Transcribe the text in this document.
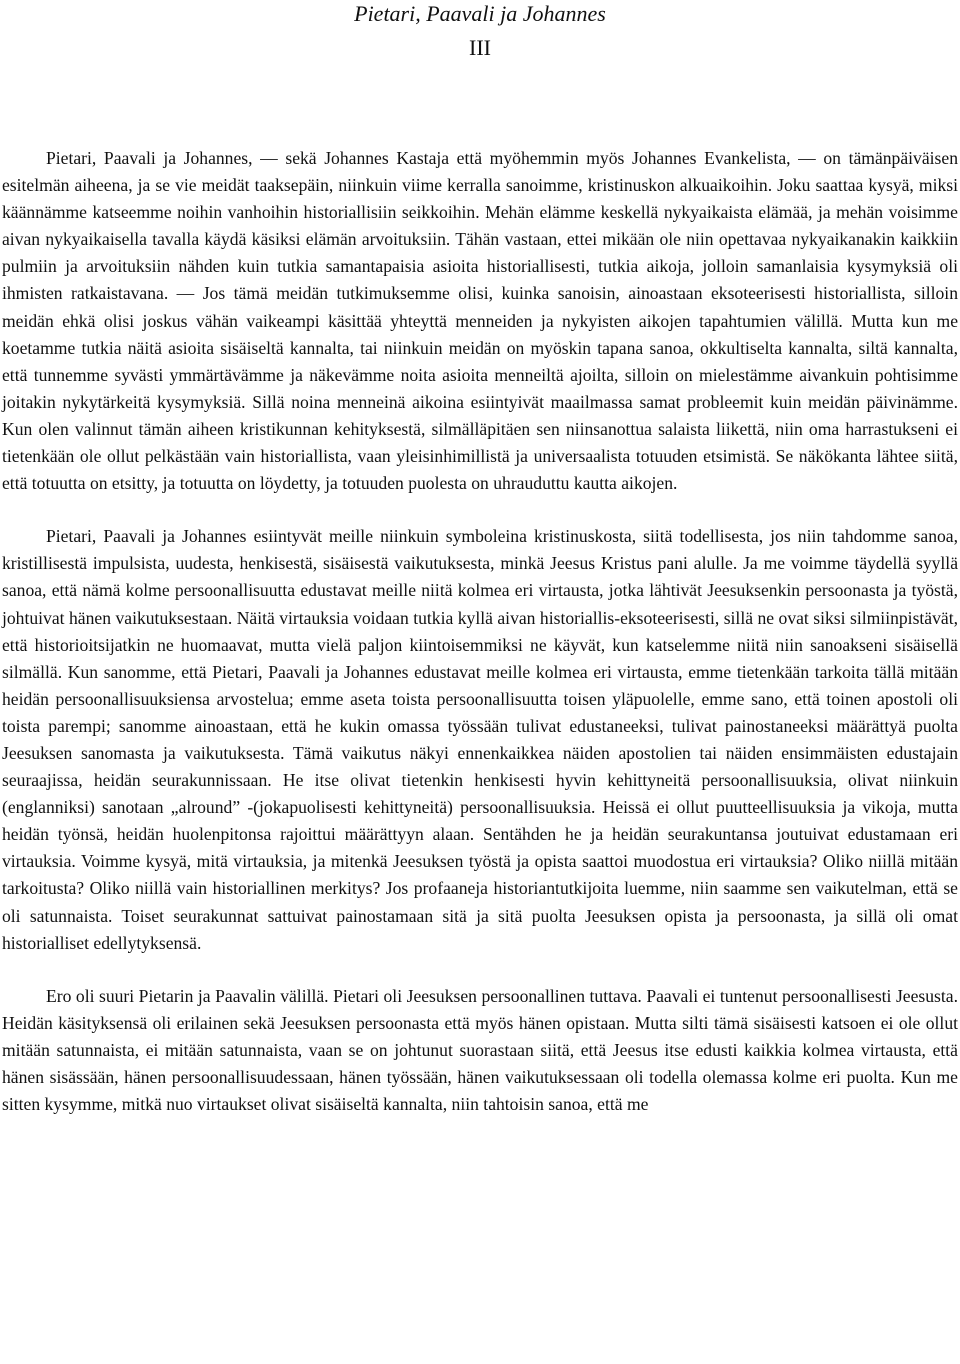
Pietari, Paavali ja Johannes
III

Pietari, Paavali ja Johannes, — sekä Johannes Kastaja että myöhemmin myös Johannes Evankelista, — on tämänpäiväisen esitelmän aiheena, ja se vie meidät taaksepäin, niinkuin viime kerralla sanoimme, kristinuskon alkuaikoihin. Joku saattaa kysyä, miksi käännämme katseemme noihin vanhoihin historiallisiin seikkoihin. Mehän elämme keskellä nykyaikaista elämää, ja mehän voisimme aivan nykyaikaisella tavalla käydä käsiksi elämän arvoituksiin. Tähän vastaan, ettei mikään ole niin opettavaa nykyaikanakin kaikkiin pulmiin ja arvoituksiin nähden kuin tutkia samantapaisia asioita historiallisesti, tutkia aikoja, jolloin samanlaisia kysymyksiä oli ihmisten ratkaistavana. — Jos tämä meidän tutkimuksemme olisi, kuinka sanoisin, ainoastaan eksoteerisesti historiallista, silloin meidän ehkä olisi joskus vähän vaikeampi käsittää yhteyttä menneiden ja nykyisten aikojen tapahtumien välillä. Mutta kun me koetamme tutkia näitä asioita sisäiseltä kannalta, tai niinkuin meidän on myöskin tapana sanoa, okkultiselta kannalta, siltä kannalta, että tunnemme syvästi ymmärtävämme ja näkevämme noita asioita menneiltä ajoilta, silloin on mielestämme aivankuin pohtisimme joitakin nykytärkeitä kysymyksiä. Sillä noina menneinä aikoina esiintyivät maailmassa samat probleemit kuin meidän päivinämme. Kun olen valinnut tämän aiheen kristikunnan kehityksestä, silmälläpitäen sen niinsanottua salaista liikettä, niin oma harrastukseni ei tietenkään ole ollut pelkästään vain historiallista, vaan yleisinhimillistä ja universaalista totuuden etsimistä. Se näkökanta lähtee siitä, että totuutta on etsitty, ja totuutta on löydetty, ja totuuden puolesta on uhrauduttu kautta aikojen.

Pietari, Paavali ja Johannes esiintyvät meille niinkuin symboleina kristinuskosta, siitä todellisesta, jos niin tahdomme sanoa, kristillisestä impulsista, uudesta, henkisestä, sisäisestä vaikutuksesta, minkä Jeesus Kristus pani alulle. Ja me voimme täydellä syyllä sanoa, että nämä kolme persoonallisuutta edustavat meille niitä kolmea eri virtausta, jotka lähtivät Jeesuksenkin persoonasta ja työstä, johtuivat hänen vaikutuksestaan. Näitä virtauksia voidaan tutkia kyllä aivan historiallis-eksoteerisesti, sillä ne ovat siksi silmiinpistävät, että historioitsijatkin ne huomaavat, mutta vielä paljon kiintoisemmiksi ne käyvät, kun katselemme niitä niin sanoakseni sisäisellä silmällä. Kun sanomme, että Pietari, Paavali ja Johannes edustavat meille kolmea eri virtausta, emme tietenkään tarkoita tällä mitään heidän persoonallisuuksiensa arvostelua; emme aseta toista persoonallisuutta toisen yläpuolelle, emme sano, että toinen apostoli oli toista parempi; sanomme ainoastaan, että he kukin omassa työssään tulivat edustaneeksi, tulivat painostaneeksi määrättyä puolta Jeesuksen sanomasta ja vaikutuksesta. Tämä vaikutus näkyi ennenkaikkea näiden apostolien tai näiden ensimmäisten edustajain seuraajissa, heidän seurakunnissaan. He itse olivat tietenkin henkisesti hyvin kehittyneitä persoonallisuuksia, olivat niinkuin (englanniksi) sanotaan „alround” -(jokapuolisesti kehittyneitä) persoonallisuuksia. Heissä ei ollut puutteellisuuksia ja vikoja, mutta heidän työnsä, heidän huolenpitonsa rajoittui määrättyyn alaan. Sentähden he ja heidän seurakuntansa joutuivat edustamaan eri virtauksia. Voimme kysyä, mitä virtauksia, ja mitenkä Jeesuksen työstä ja opista saattoi muodostua eri virtauksia? Oliko niillä mitään tarkoitusta? Oliko niillä vain historiallinen merkitys? Jos profaaneja historiantutkijoita luemme, niin saamme sen vaikutelman, että se oli satunnaista. Toiset seurakunnat sattuivat painostamaan sitä ja sitä puolta Jeesuksen opista ja persoonasta, ja sillä oli omat historialliset edellytyksensä.

Ero oli suuri Pietarin ja Paavalin välillä. Pietari oli Jeesuksen persoonallinen tuttava. Paavali ei tuntenut persoonallisesti Jeesusta. Heidän käsityksensä oli erilainen sekä Jeesuksen persoonasta että myös hänen opistaan. Mutta silti tämä sisäisesti katsoen ei ole ollut mitään satunnaista, ei mitään satunnaista, vaan se on johtunut suorastaan siitä, että Jeesus itse edusti kaikkia kolmea virtausta, että hänen sisässään, hänen persoonallisuudessaan, hänen työssään, hänen vaikutuksessaan oli todella olemassa kolme eri puolta. Kun me sitten kysymme, mitkä nuo virtaukset olivat sisäiseltä kannalta, niin tahtoisin sanoa, että me
